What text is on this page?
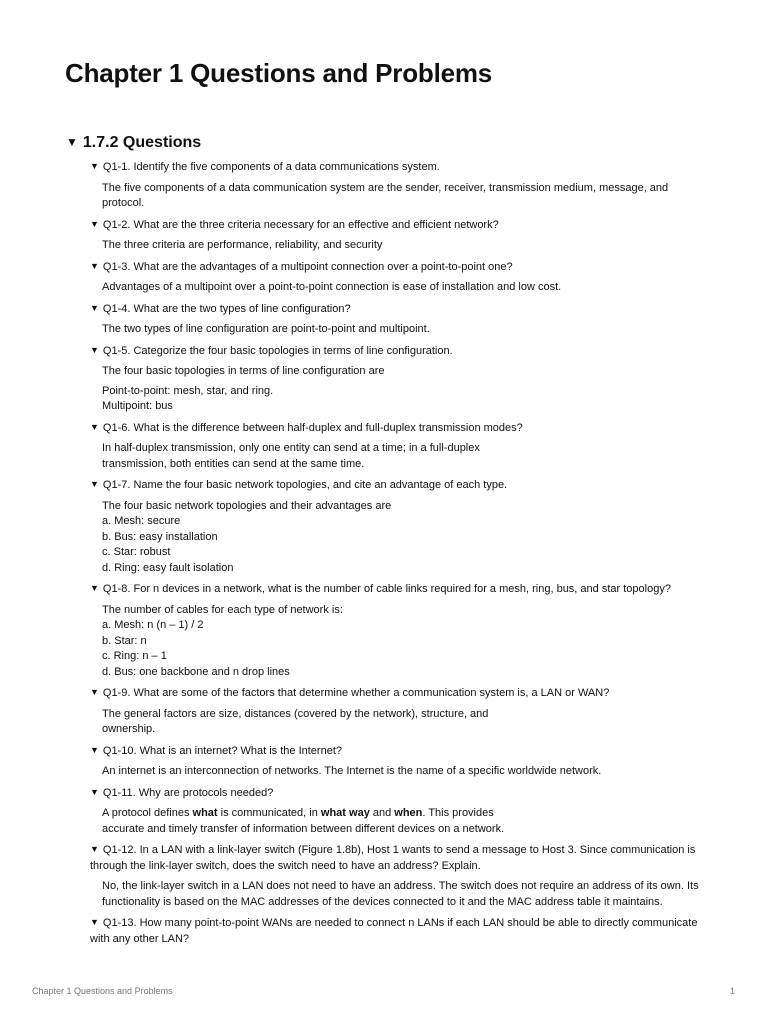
Chapter 1 Questions and Problems
▼ 1.7.2 Questions
▼ Q1-1. Identify the five components of a data communications system.
The five components of a data communication system are the sender, receiver, transmission medium, message, and protocol.
▼ Q1-2. What are the three criteria necessary for an effective and efficient network?
The three criteria are performance, reliability, and security
▼ Q1-3. What are the advantages of a multipoint connection over a point-to-point one?
Advantages of a multipoint over a point-to-point connection is ease of installation and low cost.
▼ Q1-4. What are the two types of line configuration?
The two types of line configuration are point-to-point and multipoint.
▼ Q1-5. Categorize the four basic topologies in terms of line configuration.
The four basic topologies in terms of line configuration are
Point-to-point: mesh, star, and ring.
Multipoint: bus
▼ Q1-6. What is the difference between half-duplex and full-duplex transmission modes?
In half-duplex transmission, only one entity can send at a time; in a full-duplex
transmission, both entities can send at the same time.
▼ Q1-7. Name the four basic network topologies, and cite an advantage of each type.
The four basic network topologies and their advantages are
a. Mesh: secure
b. Bus: easy installation
c. Star: robust
d. Ring: easy fault isolation
▼ Q1-8. For n devices in a network, what is the number of cable links required for a mesh, ring, bus, and star topology?
The number of cables for each type of network is:
a. Mesh: n (n – 1) / 2
b. Star: n
c. Ring: n – 1
d. Bus: one backbone and n drop lines
▼ Q1-9. What are some of the factors that determine whether a communication system is, a LAN or WAN?
The general factors are size, distances (covered by the network), structure, and
ownership.
▼ Q1-10. What is an internet? What is the Internet?
An internet is an interconnection of networks. The Internet is the name of a specific worldwide network.
▼ Q1-11. Why are protocols needed?
A protocol defines what is communicated, in what way and when. This provides
accurate and timely transfer of information between different devices on a network.
▼ Q1-12. In a LAN with a link-layer switch (Figure 1.8b), Host 1 wants to send a message to Host 3. Since communication is through the link-layer switch, does the switch need to have an address? Explain.
No, the link-layer switch in a LAN does not need to have an address. The switch does not require an address of its own. Its functionality is based on the MAC addresses of the devices connected to it and the MAC address table it maintains.
▼ Q1-13. How many point-to-point WANs are needed to connect n LANs if each LAN should be able to directly communicate with any other LAN?
Chapter 1 Questions and Problems	1
